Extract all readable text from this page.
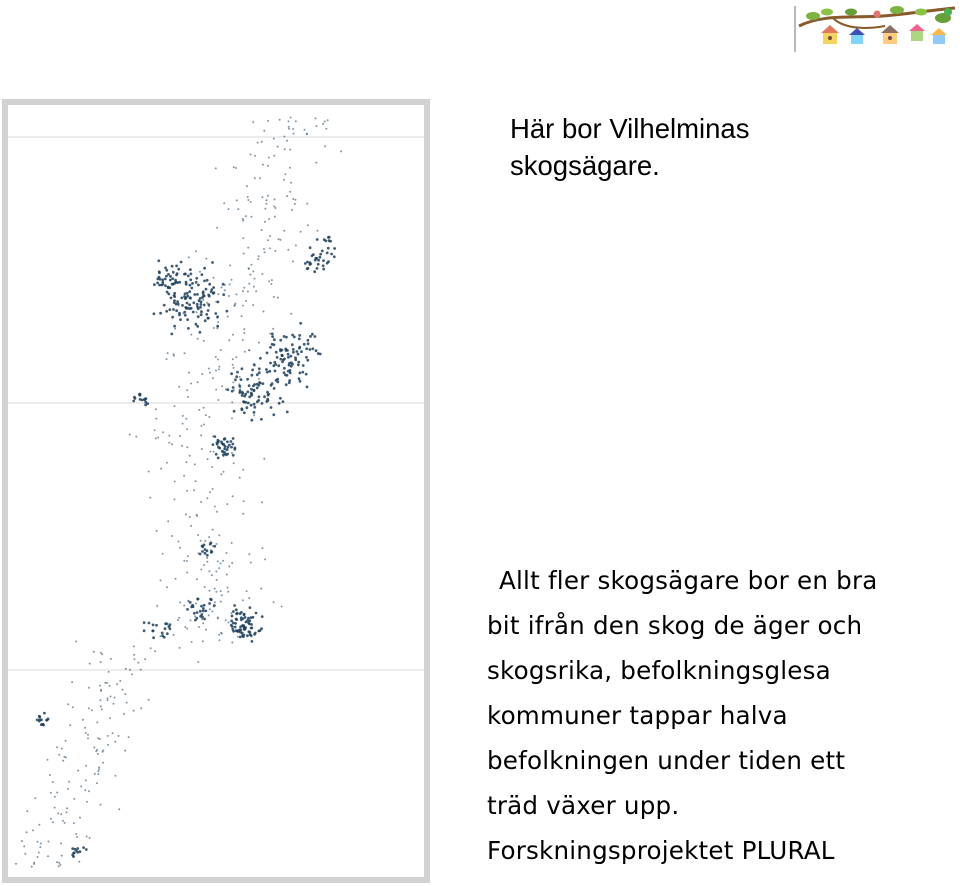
Här bor Vilhelminas skogsägare.
Allt fler skogsägare bor en bra
bit ifrån den skog de äger och
skogsrika, befolkningsglesa
kommuner tappar halva
befolkningen under tiden ett
träd växer upp.
Forskningsprojektet PLURAL
